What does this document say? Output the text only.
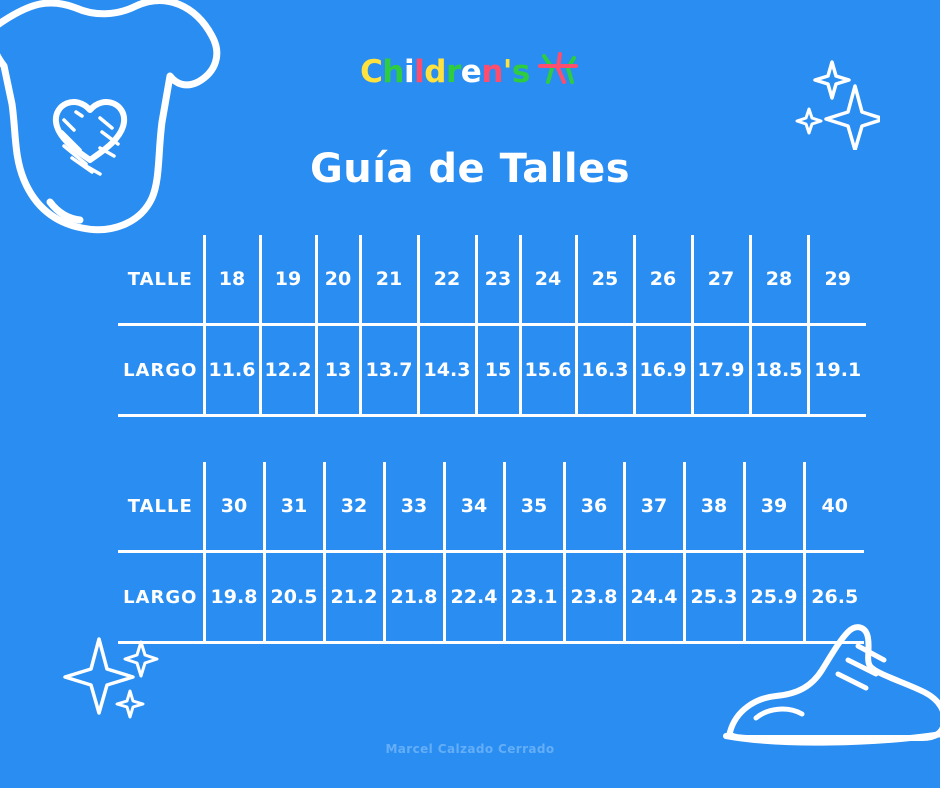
Children's
Guía de Talles
TALLE	18	19	20	21	22	23	24	25	26	27	28	29
LARGO	11.6	12.2	13	13.7	14.3	15	15.6	16.3	16.9	17.9	18.5	19.1
TALLE	30	31	32	33	34	35	36	37	38	39	40
LARGO	19.8	20.5	21.2	21.8	22.4	23.1	23.8	24.4	25.3	25.9	26.5
Marcel Calzado Cerrado
